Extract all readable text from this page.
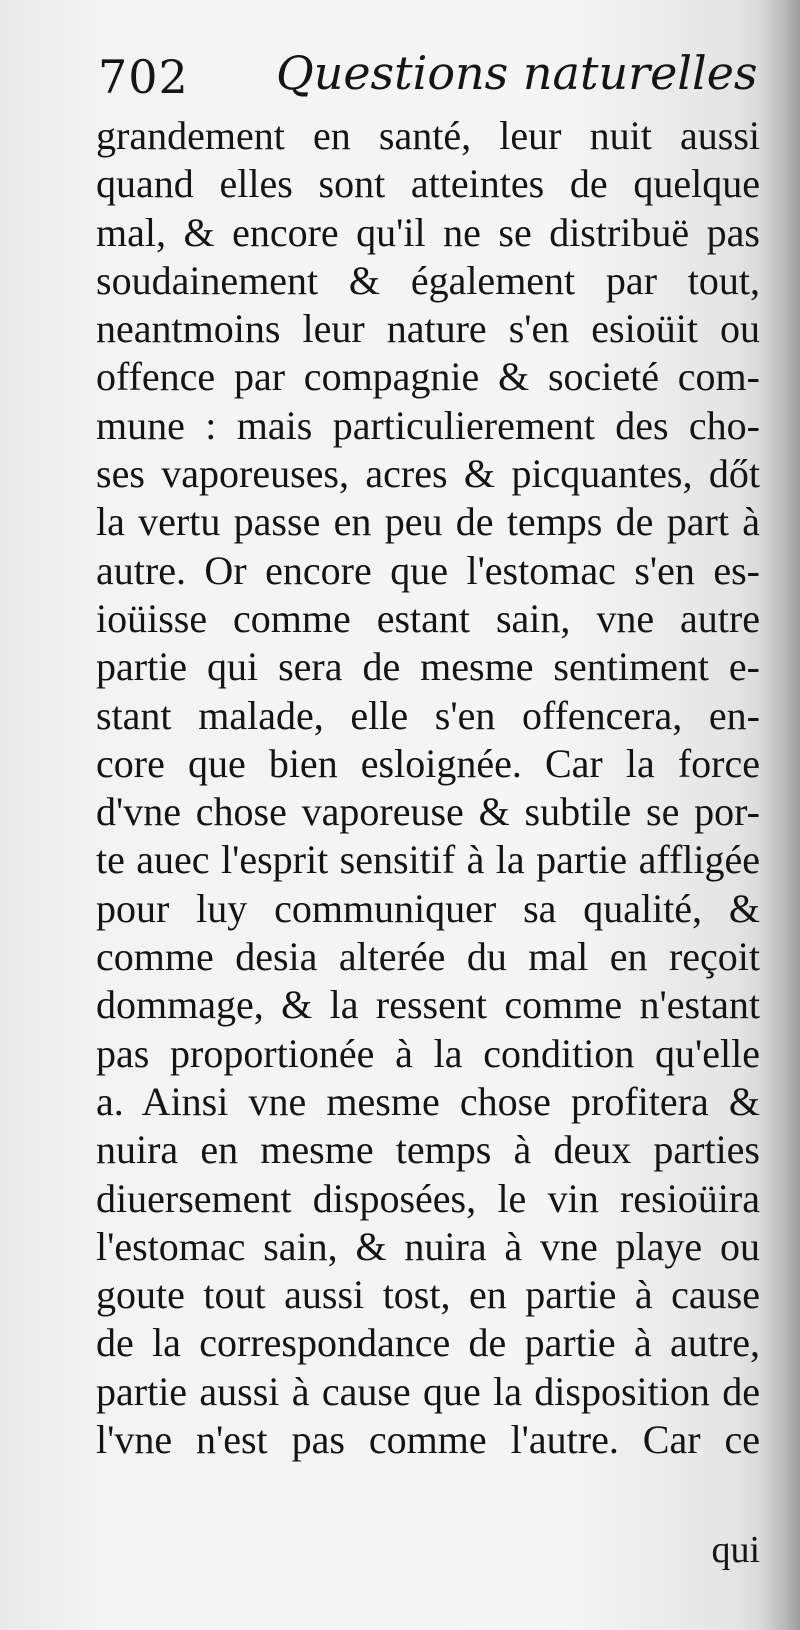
702 Questions naturelles
grandement en santé, leur nuit aussi
quand elles sont atteintes de quelque
mal, & encore qu'il ne se distribuë pas
soudainement & également par tout,
neantmoins leur nature s'en esioüit ou
offence par compagnie & societé com-
mune : mais particulierement des cho-
ses vaporeuses, acres & picquantes, dőt
la vertu passe en peu de temps de part à
autre. Or encore que l'estomac s'en es-
ioüisse comme estant sain, vne autre
partie qui sera de mesme sentiment e-
stant malade, elle s'en offencera, en-
core que bien esloignée. Car la force
d'vne chose vaporeuse & subtile se por-
te auec l'esprit sensitif à la partie affligée
pour luy communiquer sa qualité, &
comme desia alterée du mal en reçoit
dommage, & la ressent comme n'estant
pas proportionée à la condition qu'elle
a. Ainsi vne mesme chose profitera &
nuira en mesme temps à deux parties
diuersement disposées, le vin resioüira
l'estomac sain, & nuira à vne playe ou
goute tout aussi tost, en partie à cause
de la correspondance de partie à autre,
partie aussi à cause que la disposition de
l'vne n'est pas comme l'autre. Car ce
qui
